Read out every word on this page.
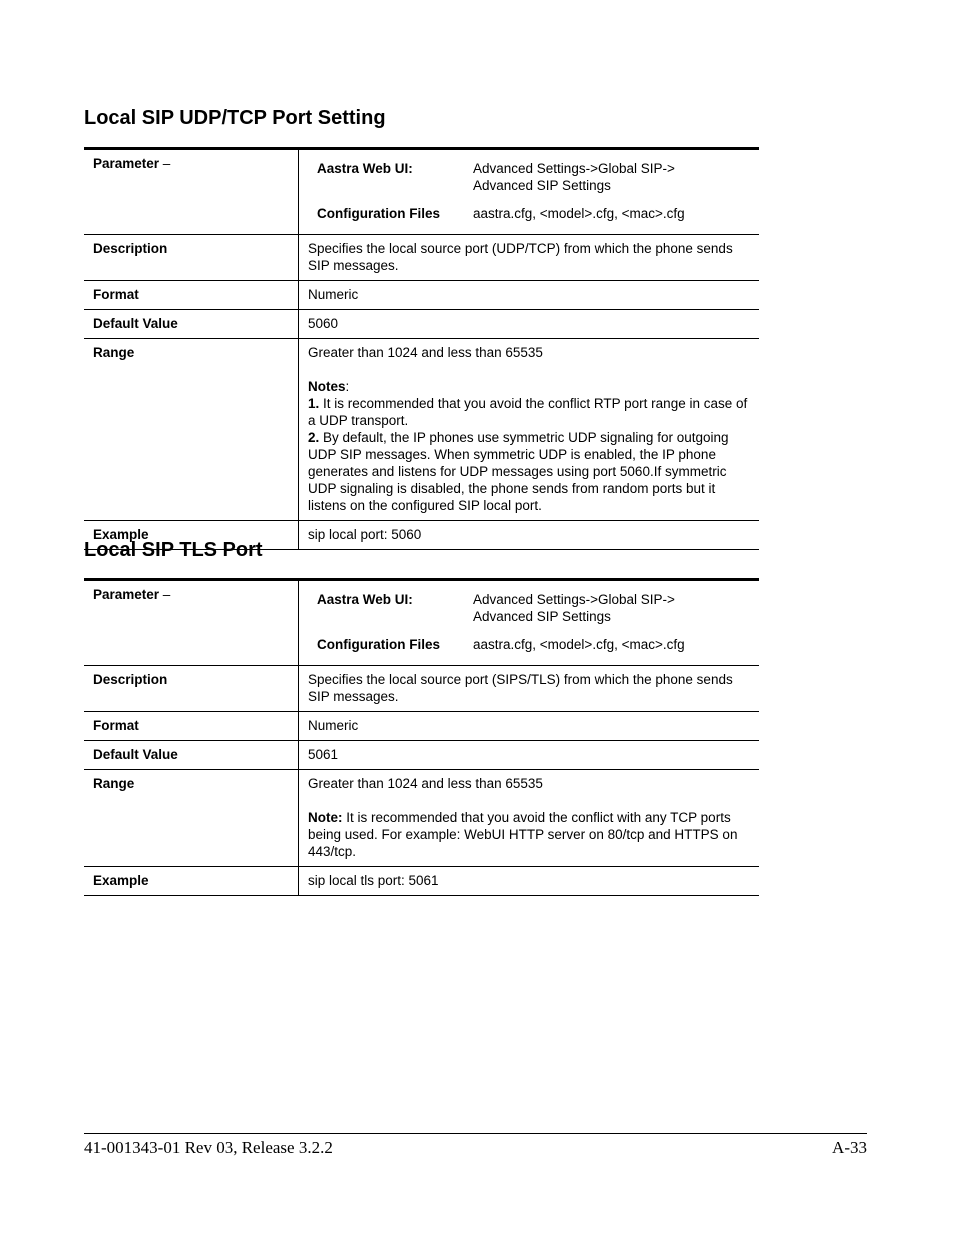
Local SIP UDP/TCP Port Setting
Parameter –		Aastra Web UI:	Advanced Settings->Global SIP->
Advanced SIP Settings

Configuration Files	aastra.cfg, <model>.cfg, <mac>.cfg

Description	Specifies the local source port (UDP/TCP) from which the phone sends SIP messages.
Format	Numeric
Default Value	5060
Range	Greater than 1024 and less than 65535
Notes:
1. It is recommended that you avoid the conflict RTP port range in case of a UDP transport.
2. By default, the IP phones use symmetric UDP signaling for outgoing UDP SIP messages. When symmetric UDP is enabled, the IP phone generates and listens for UDP messages using port 5060.If symmetric UDP signaling is disabled, the phone sends from random ports but it listens on the configured SIP local port.

Example	sip local port: 5060
Local SIP TLS Port
Parameter –		Aastra Web UI:	Advanced Settings->Global SIP->
Advanced SIP Settings

Configuration Files	aastra.cfg, <model>.cfg, <mac>.cfg

Description	Specifies the local source port (SIPS/TLS) from which the phone sends SIP messages.
Format	Numeric
Default Value	5061
Range	Greater than 1024 and less than 65535
Note: It is recommended that you avoid the conflict with any TCP ports being used. For example: WebUI HTTP server on 80/tcp and HTTPS on 443/tcp.

Example	sip local tls port: 5061
41-001343-01 Rev 03, Release 3.2.2	A-33
